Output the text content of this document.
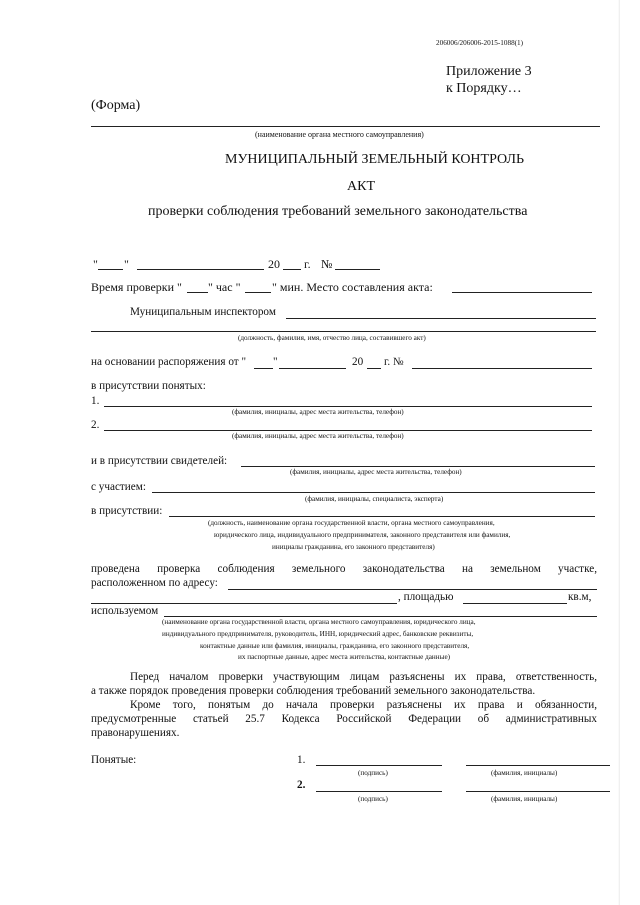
206006/206006-2015-1088(1)
Приложение 3
к Порядку…
(Форма)
(наименование органа местного самоуправления)
МУНИЦИПАЛЬНЫЙ ЗЕМЕЛЬНЫЙ КОНТРОЛЬ
АКТ
проверки соблюдения требований земельного законодательства
" "	20 г. №
Время проверки " " час "	" мин. Место составления акта:
Муниципальным инспектором
(должность, фамилия, имя, отчество лица, составившего акт)
на основании распоряжения от " "	20 г. №
в присутствии понятых:
1.
(фамилия, инициалы, адрес места жительства, телефон)
2.
(фамилия, инициалы, адрес места жительства, телефон)
и в присутствии свидетелей:
(фамилия, инициалы, адрес места жительства, телефон)
с участием:
(фамилия, инициалы, специалиста, эксперта)
в присутствии:
(должность, наименование органа государственной власти, органа местного самоуправления,
юридического лица, индивидуального предпринимателя, законного представителя или фамилия,
инициалы гражданина, его законного представителя)
проведена проверка соблюдения земельного законодательства на земельном участке,
расположенном по адресу:
, площадью	кв.м,
используемом
(наименование органа государственной власти, органа местного самоуправления, юридического лица,
индивидуального предпринимателя, руководитель, ИНН, юридический адрес, банковские реквизиты,
контактные данные или фамилия, инициалы, гражданина, его законного представителя,
их паспортные данные, адрес места жительства, контактные данные)
Перед началом проверки участвующим лицам разъяснены их права, ответственность,
а также порядок проведения проверки соблюдения требований земельного законодательства.
Кроме того, понятым до начала проверки разъяснены их права и обязанности,
предусмотренные статьей 25.7 Кодекса Российской Федерации об административных
правонарушениях.
Понятые:	1.
(подпись)	(фамилия, инициалы)
2.
(подпись)	(фамилия, инициалы)
